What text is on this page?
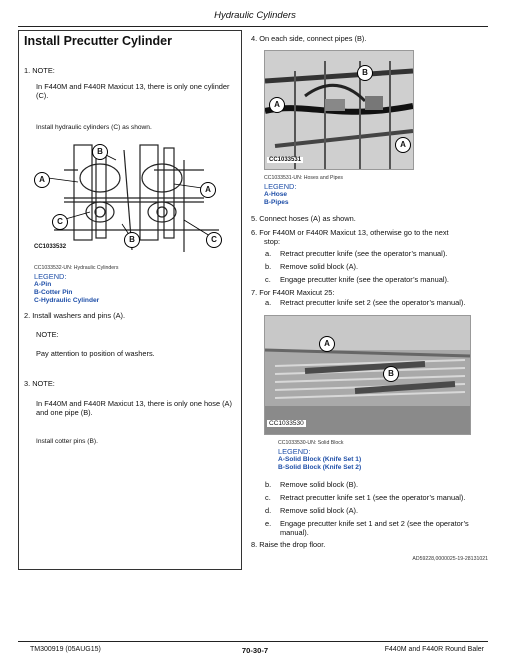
Hydraulic Cylinders
Install Precutter Cylinder
1. NOTE:
In F440M and F440R Maxicut 13, there is only one cylinder (C).
Install hydraulic cylinders (C) as shown.
B
A
A
C
B	C
CC1033532
CC1033532-UN: Hydraulic Cylinders
LEGEND:
A-Pin
B-Cotter Pin
C-Hydraulic Cylinder
2. Install washers and pins (A).
NOTE:
Pay attention to position of washers.
3. NOTE:
In F440M and F440R Maxicut 13, there is only one hose (A) and one pipe (B).
Install cotter pins (B).
4. On each side, connect pipes (B).
B
A
A
CC1033531
CC1033531-UN: Hoses and Pipes
LEGEND:
A-Hose
B-Pipes
5. Connect hoses (A) as shown.
6. For F440M or F440R Maxicut 13, otherwise go to the next
stop:
a. Retract precutter knife (see the operator’s manual).
b. Remove solid block (A).
c. Engage precutter knife (see the operator’s manual).
7. For F440R Maxicut 25:
a. Retract precutter knife set 2 (see the operator’s manual).
A
B
CC1033530
CC1033530-UN: Solid Block
LEGEND:
A-Solid Block (Knife Set 1)
B-Solid Block (Knife Set 2)
b. Remove solid block (B).
c. Retract precutter knife set 1 (see the operator’s manual).
d. Remove solid block (A).
e. Engage precutter knife set 1 and set 2 (see the operator’s manual).
8. Raise the drop floor.
AD59228,0000025-19-28131021
TM300919 (05AUG15)	70-30-7	F440M and F440R Round Baler
